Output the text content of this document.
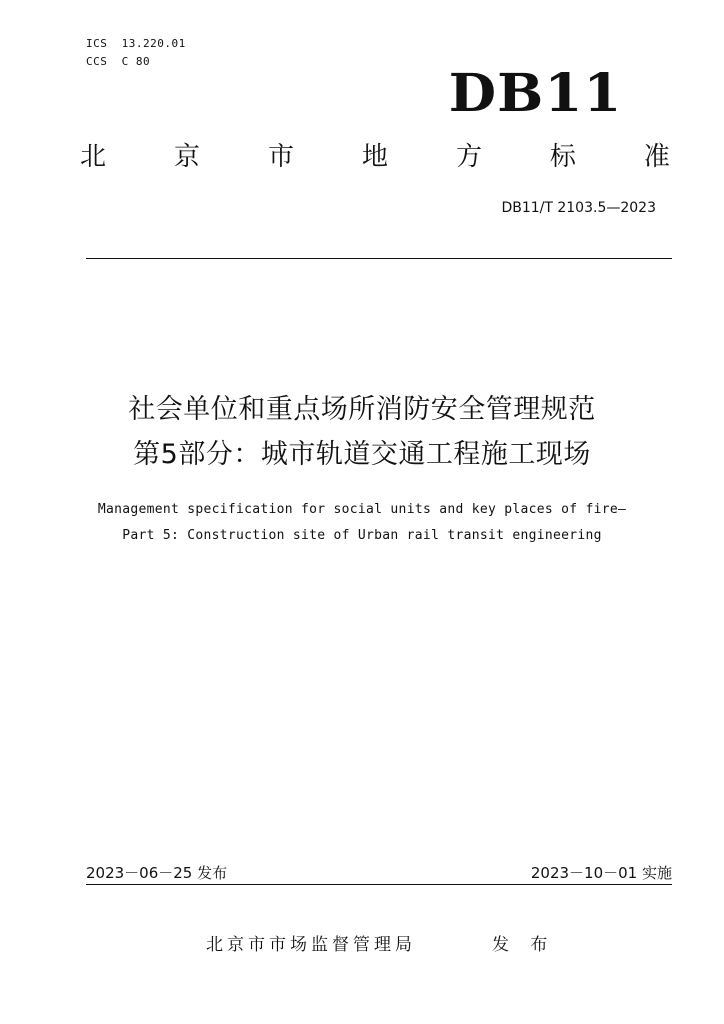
ICS  13.220.01
CCS  C 80
DB11
北	京	市	地	方	标	准
DB11/T 2103.5—2023
社会单位和重点场所消防安全管理规范
第5部分：城市轨道交通工程施工现场
Management specification for social units and key places of fire—
Part 5: Construction site of Urban rail transit engineering
2023－06－25 发布	2023－10－01 实施
北京市市场监督管理局	发 布
